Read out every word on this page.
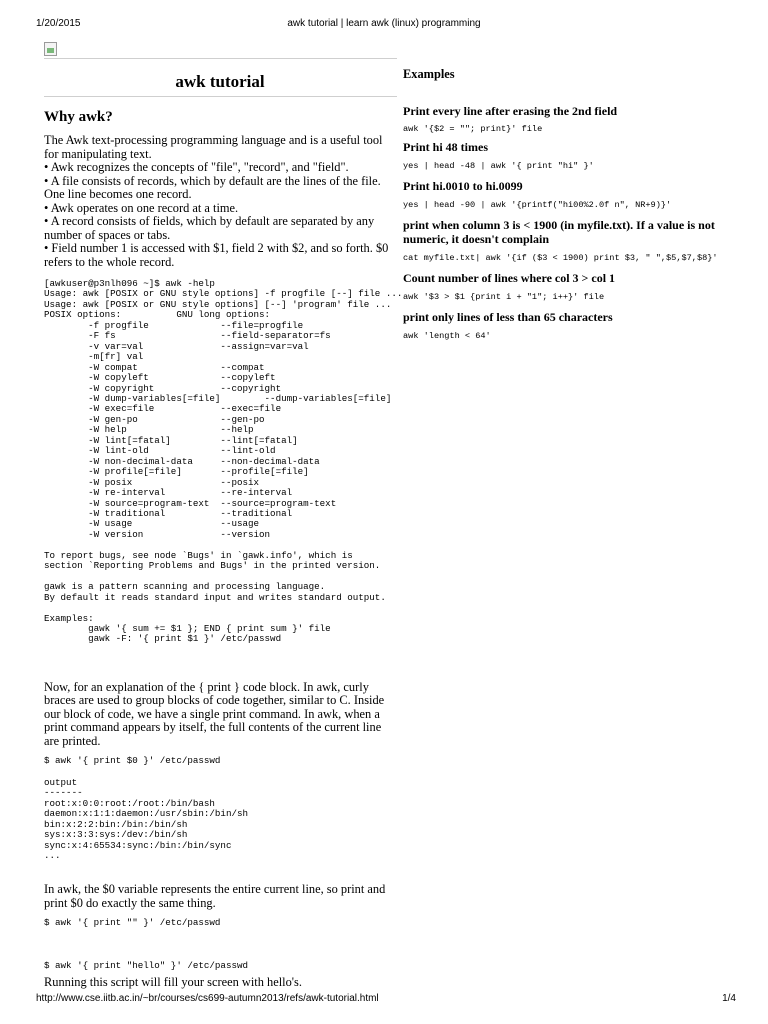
1/20/2015	awk tutorial | learn awk (linux) programming
awk tutorial
Why awk?

The Awk text-processing programming language and is a useful tool for manipulating text.

• Awk recognizes the concepts of "file", "record", and "field".

• A file consists of records, which by default are the lines of the file. One line becomes one record.

• Awk operates on one record at a time.

• A record consists of fields, which by default are separated by any number of spaces or tabs.

• Field number 1 is accessed with $1, field 2 with $2, and so forth. $0 refers to the whole record.

[awkuser@p3nlh096 ~]$ awk -help
Usage: awk [POSIX or GNU style options] -f progfile [--] file ...
Usage: awk [POSIX or GNU style options] [--] 'program' file ...
POSIX options:          GNU long options:
-f progfile             --file=progfile
-F fs                   --field-separator=fs
-v var=val              --assign=var=val
-m[fr] val
-W compat               --compat
-W copyleft             --copyleft
-W copyright            --copyright
-W dump-variables[=file]        --dump-variables[=file]
-W exec=file            --exec=file
-W gen-po               --gen-po
-W help                 --help
-W lint[=fatal]         --lint[=fatal]
-W lint-old             --lint-old
-W non-decimal-data     --non-decimal-data
-W profile[=file]       --profile[=file]
-W posix                --posix
-W re-interval          --re-interval
-W source=program-text  --source=program-text
-W traditional          --traditional
-W usage                --usage
-W version              --version

To report bugs, see node `Bugs' in `gawk.info', which is
section `Reporting Problems and Bugs' in the printed version.

gawk is a pattern scanning and processing language.
By default it reads standard input and writes standard output.

Examples:
gawk '{ sum += $1 }; END { print sum }' file
gawk -F: '{ print $1 }' /etc/passwd

Now, for an explanation of the { print } code block. In awk, curly braces are used to group blocks of code together, similar to C. Inside our block of code, we have a single print command. In awk, when a print command appears by itself, the full contents of the current line are printed.

$ awk '{ print $0 }' /etc/passwd
output
-------
root:x:0:0:root:/root:/bin/bash
daemon:x:1:1:daemon:/usr/sbin:/bin/sh
bin:x:2:2:bin:/bin:/bin/sh
sys:x:3:3:sys:/dev:/bin/sh
sync:x:4:65534:sync:/bin:/bin/sync
...

In awk, the $0 variable represents the entire current line, so print and print $0 do exactly the same thing.

$ awk '{ print "" }' /etc/passwd
$ awk '{ print "hello" }' /etc/passwd

Running this script will fill your screen with hello's.

Examples

Print every line after erasing the 2nd field

awk '{$2 = ""; print}' file

Print hi 48 times

yes | head -48 | awk '{ print "hi" }'

Print hi.0010 to hi.0099

yes | head -90 | awk '{printf("hi00%2.0f n", NR+9)}'

print when column 3 is < 1900 (in myfile.txt). If a value is not numeric, it doesn't complain

cat myfile.txt| awk '{if ($3 < 1900) print $3, " ",$5,$7,$8}'

Count number of lines where col 3 > col 1

awk '$3 > $1 {print i + "1"; i++}' file

print only lines of less than 65 characters

awk 'length < 64'
http://www.cse.iitb.ac.in/~br/courses/cs699-autumn2013/refs/awk-tutorial.html	1/4
